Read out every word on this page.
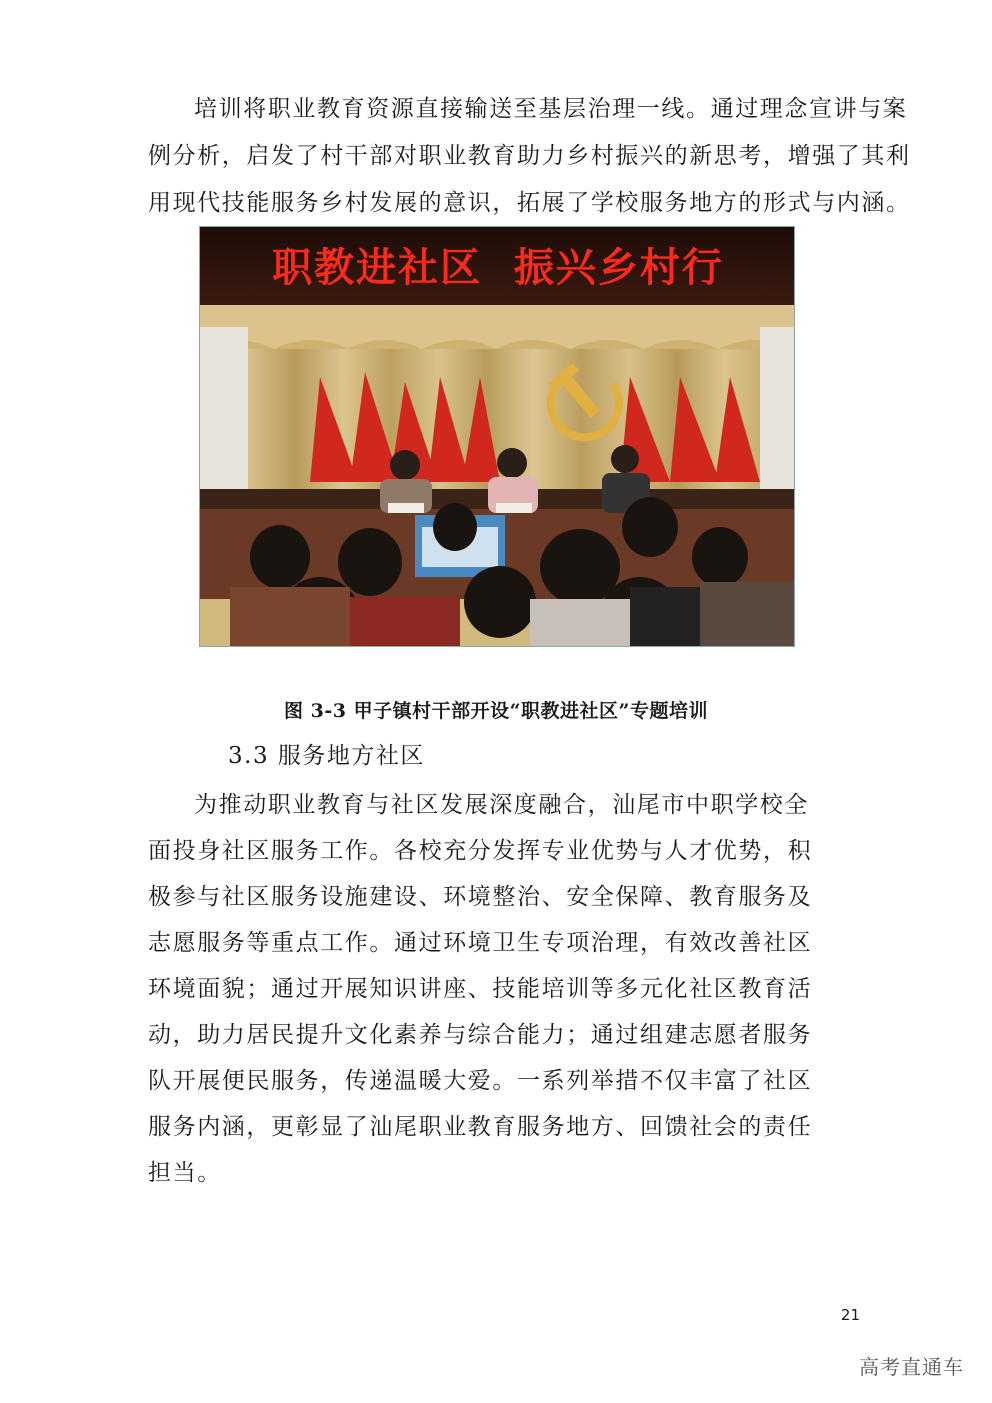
培训将职业教育资源直接输送至基层治理一线。通过理念宣讲与案
例分析，启发了村干部对职业教育助力乡村振兴的新思考，增强了其利
用现代技能服务乡村发展的意识，拓展了学校服务地方的形式与内涵。
职教进社区  振兴乡村行
图 3-3 甲子镇村干部开设“职教进社区”专题培训
3.3 服务地方社区
为推动职业教育与社区发展深度融合，汕尾市中职学校全
面投身社区服务工作。各校充分发挥专业优势与人才优势，积
极参与社区服务设施建设、环境整治、安全保障、教育服务及
志愿服务等重点工作。通过环境卫生专项治理，有效改善社区
环境面貌；通过开展知识讲座、技能培训等多元化社区教育活
动，助力居民提升文化素养与综合能力；通过组建志愿者服务
队开展便民服务，传递温暖大爱。一系列举措不仅丰富了社区
服务内涵，更彰显了汕尾职业教育服务地方、回馈社会的责任
担当。
21
高考直通车
